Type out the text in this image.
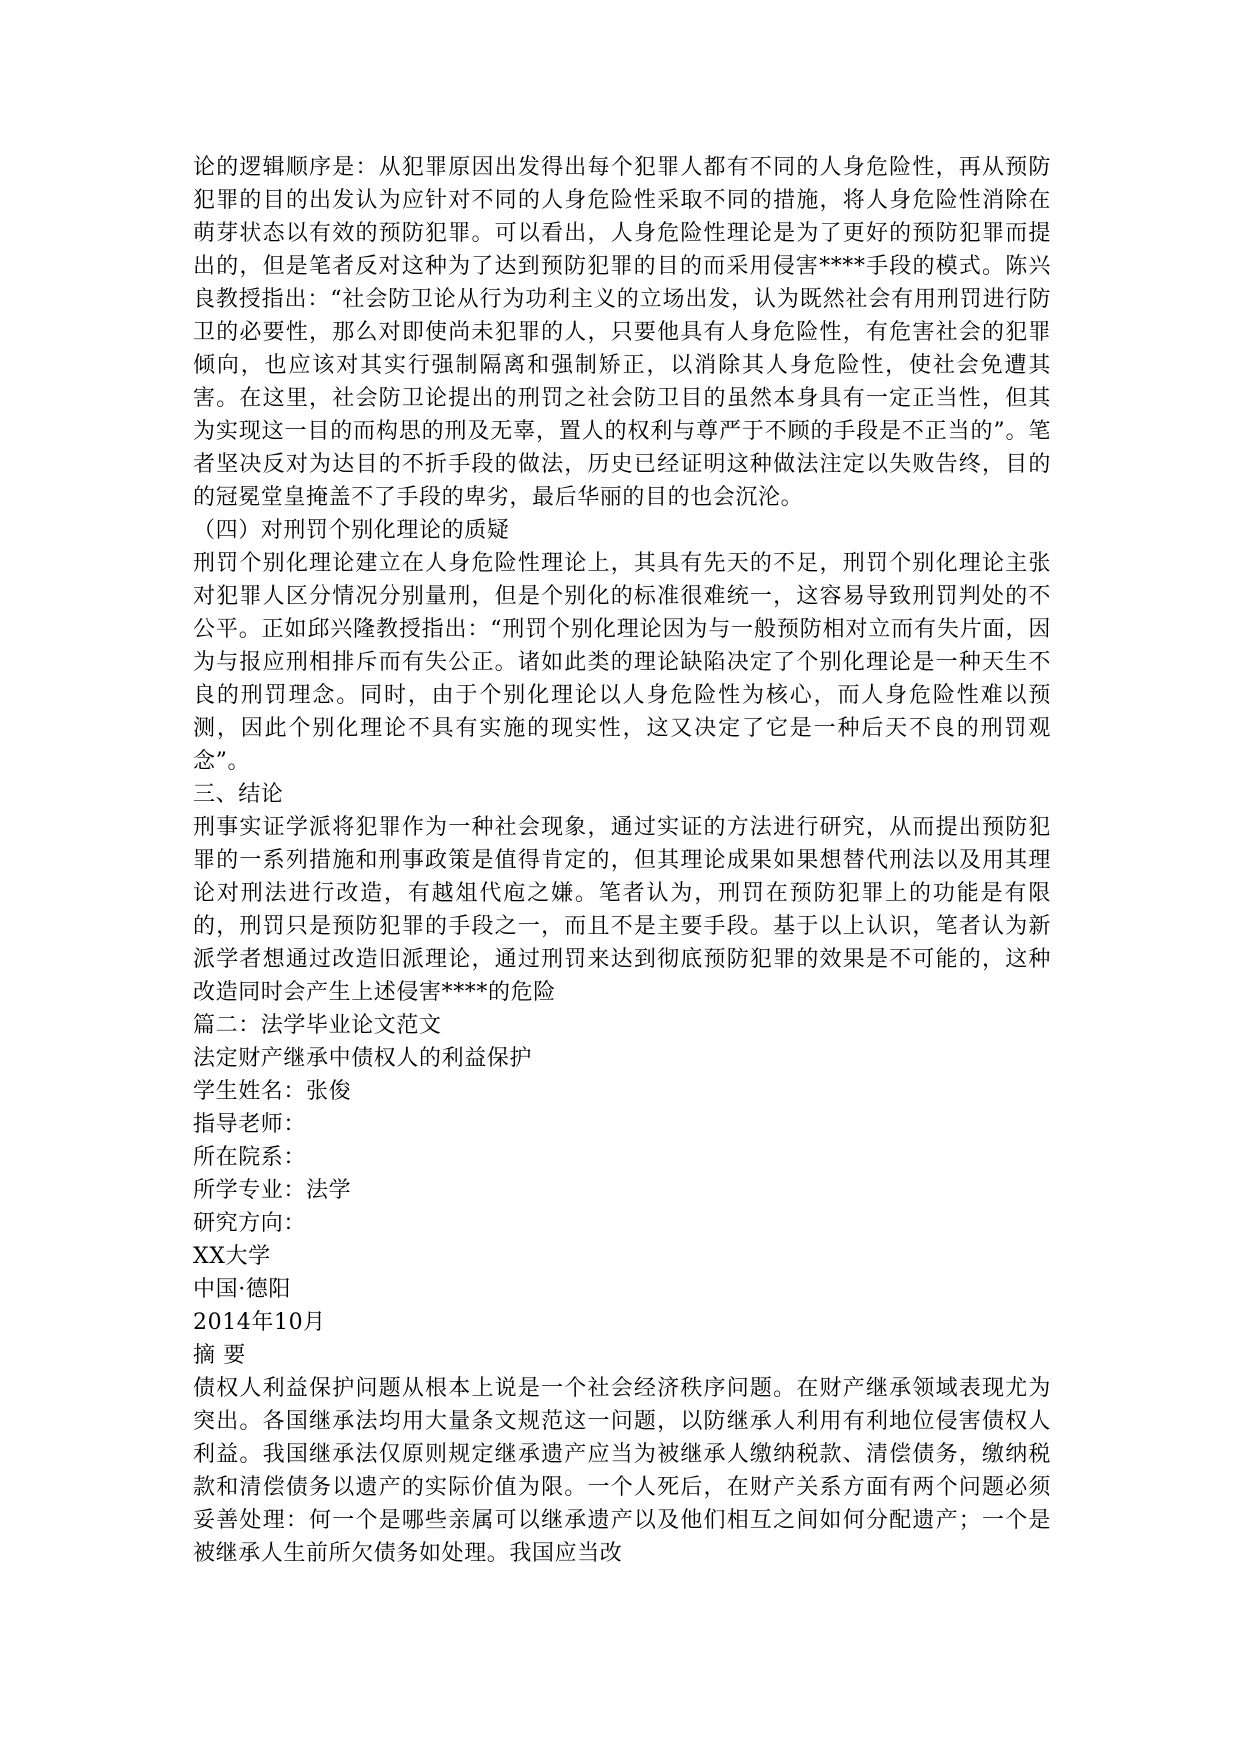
论的逻辑顺序是：从犯罪原因出发得出每个犯罪人都有不同的人身危险性，再从预防犯罪的目的出发认为应针对不同的人身危险性采取不同的措施，将人身危险性消除在萌芽状态以有效的预防犯罪。可以看出，人身危险性理论是为了更好的预防犯罪而提出的，但是笔者反对这种为了达到预防犯罪的目的而采用侵害****手段的模式。陈兴良教授指出：“社会防卫论从行为功利主义的立场出发，认为既然社会有用刑罚进行防卫的必要性，那么对即使尚未犯罪的人，只要他具有人身危险性，有危害社会的犯罪倾向，也应该对其实行强制隔离和强制矫正，以消除其人身危险性，使社会免遭其害。在这里，社会防卫论提出的刑罚之社会防卫目的虽然本身具有一定正当性，但其为实现这一目的而构思的刑及无辜，置人的权利与尊严于不顾的手段是不正当的”。笔者坚决反对为达目的不折手段的做法，历史已经证明这种做法注定以失败告终，目的的冠冕堂皇掩盖不了手段的卑劣，最后华丽的目的也会沉沦。

（四）对刑罚个别化理论的质疑

刑罚个别化理论建立在人身危险性理论上，其具有先天的不足，刑罚个别化理论主张对犯罪人区分情况分别量刑，但是个别化的标准很难统一，这容易导致刑罚判处的不公平。正如邱兴隆教授指出：“刑罚个别化理论因为与一般预防相对立而有失片面，因为与报应刑相排斥而有失公正。诸如此类的理论缺陷决定了个别化理论是一种天生不良的刑罚理念。同时，由于个别化理论以人身危险性为核心，而人身危险性难以预测，因此个别化理论不具有实施的现实性，这又决定了它是一种后天不良的刑罚观念”。

三、结论

刑事实证学派将犯罪作为一种社会现象，通过实证的方法进行研究，从而提出预防犯罪的一系列措施和刑事政策是值得肯定的，但其理论成果如果想替代刑法以及用其理论对刑法进行改造，有越俎代庖之嫌。笔者认为，刑罚在预防犯罪上的功能是有限的，刑罚只是预防犯罪的手段之一，而且不是主要手段。基于以上认识，笔者认为新派学者想通过改造旧派理论，通过刑罚来达到彻底预防犯罪的效果是不可能的，这种改造同时会产生上述侵害****的危险

篇二：法学毕业论文范文

法定财产继承中债权人的利益保护

学生姓名：张俊

指导老师：

所在院系：

所学专业：法学

研究方向：

XX大学

中国·德阳

2014年10月

摘 要

债权人利益保护问题从根本上说是一个社会经济秩序问题。在财产继承领域表现尤为突出。各国继承法均用大量条文规范这一问题，以防继承人利用有利地位侵害债权人利益。我国继承法仅原则规定继承遗产应当为被继承人缴纳税款、清偿债务，缴纳税款和清偿债务以遗产的实际价值为限。一个人死后，在财产关系方面有两个问题必须妥善处理：何一个是哪些亲属可以继承遗产以及他们相互之间如何分配遗产；一个是被继承人生前所欠债务如处理。我国应当改
